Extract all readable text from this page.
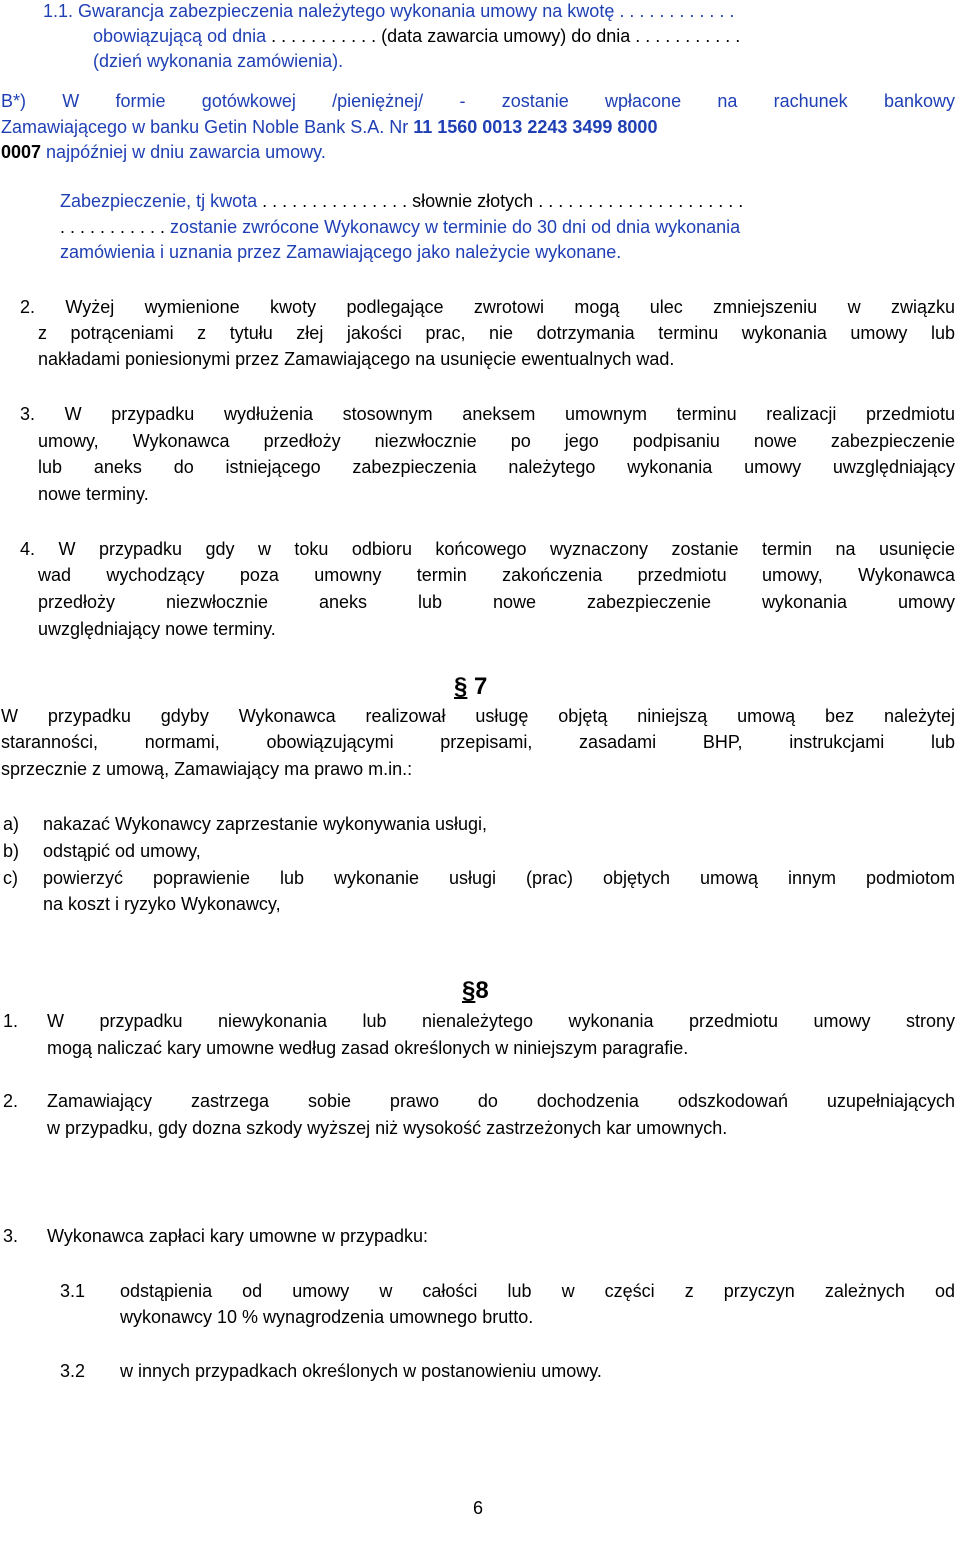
1.1. Gwarancja zabezpieczenia należytego wykonania umowy na kwotę . . . . . . . . . . . .
obowiązującą od dnia . . . . . . . . . . . (data zawarcia umowy) do dnia . . . . . . . . . . .
(dzień wykonania zamówienia).
B*) W formie gotówkowej /pieniężnej/ - zostanie wpłacone na rachunek bankowy
Zamawiającego w banku Getin Noble Bank S.A. Nr 11 1560 0013 2243 3499 8000
0007 najpóźniej w dniu zawarcia umowy.
Zabezpieczenie, tj kwota . . . . . . . . . . . . . . . słownie złotych . . . . . . . . . . . . . . . . . . . . .
. . . . . . . . . . . zostanie zwrócone Wykonawcy w terminie do 30 dni od dnia wykonania
zamówienia i uznania przez Zamawiającego jako należycie wykonane.
2. Wyżej wymienione kwoty podlegające zwrotowi mogą ulec zmniejszeniu w związku
z potrąceniami z tytułu złej jakości prac, nie dotrzymania terminu wykonania umowy lub
nakładami poniesionymi przez Zamawiającego na usunięcie ewentualnych wad.
3. W przypadku wydłużenia stosownym aneksem umownym terminu realizacji przedmiotu
umowy, Wykonawca przedłoży niezwłocznie po jego podpisaniu nowe zabezpieczenie
lub aneks do istniejącego zabezpieczenia należytego wykonania umowy uwzględniający
nowe terminy.
4. W przypadku gdy w toku odbioru końcowego wyznaczony zostanie termin na usunięcie
wad wychodzący poza umowny termin zakończenia przedmiotu umowy, Wykonawca
przedłoży niezwłocznie aneks lub nowe zabezpieczenie wykonania umowy
uwzględniający nowe terminy.
§ 7
W przypadku gdyby Wykonawca realizował usługę objętą niniejszą umową bez należytej
staranności, normami, obowiązującymi przepisami, zasadami BHP, instrukcjami lub
sprzecznie z umową, Zamawiający ma prawo m.in.:
a) nakazać Wykonawcy zaprzestanie wykonywania usługi,
b) odstąpić od umowy,
c) powierzyć poprawienie lub wykonanie usługi (prac) objętych umową innym podmiotom
na koszt i ryzyko Wykonawcy,
§8
1. W przypadku niewykonania lub nienależytego wykonania przedmiotu umowy strony
mogą naliczać kary umowne według zasad określonych w niniejszym paragrafie.
2. Zamawiający zastrzega sobie prawo do dochodzenia odszkodowań uzupełniających
w przypadku, gdy dozna szkody wyższej niż wysokość zastrzeżonych kar umownych.
3. Wykonawca zapłaci kary umowne w przypadku:
3.1 odstąpienia od umowy w całości lub w części z przyczyn zależnych od
wykonawcy 10 % wynagrodzenia umownego brutto.
3.2 w innych przypadkach określonych w postanowieniu umowy.
6
